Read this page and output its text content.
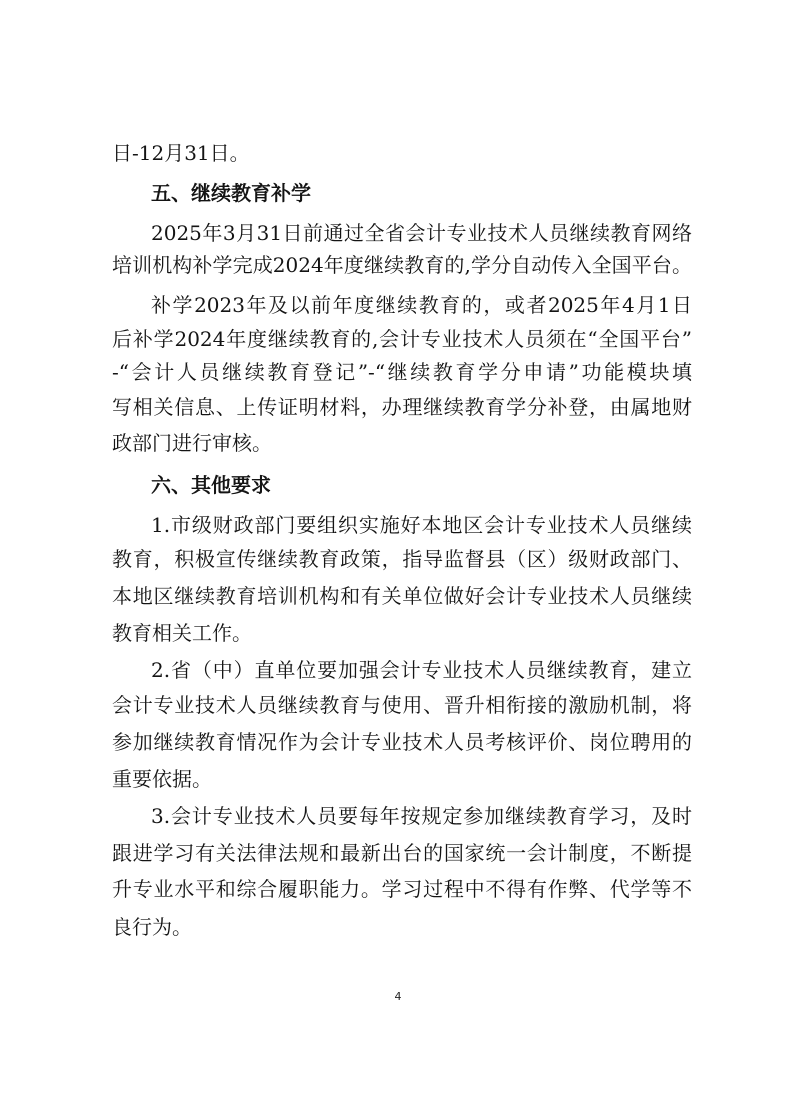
日-12月31日。
五、继续教育补学
2025年3月31日前通过全省会计专业技术人员继续教育网络
培训机构补学完成2024年度继续教育的,学分自动传入全国平台。
补学2023年及以前年度继续教育的，或者2025年4月1日
后补学2024年度继续教育的,会计专业技术人员须在“全国平台”
-“会计人员继续教育登记”-“继续教育学分申请”功能模块填
写相关信息、上传证明材料，办理继续教育学分补登，由属地财
政部门进行审核。
六、其他要求
1.市级财政部门要组织实施好本地区会计专业技术人员继续
教育，积极宣传继续教育政策，指导监督县（区）级财政部门、
本地区继续教育培训机构和有关单位做好会计专业技术人员继续
教育相关工作。
2.省（中）直单位要加强会计专业技术人员继续教育，建立
会计专业技术人员继续教育与使用、晋升相衔接的激励机制，将
参加继续教育情况作为会计专业技术人员考核评价、岗位聘用的
重要依据。
3.会计专业技术人员要每年按规定参加继续教育学习，及时
跟进学习有关法律法规和最新出台的国家统一会计制度，不断提
升专业水平和综合履职能力。学习过程中不得有作弊、代学等不
良行为。
4
